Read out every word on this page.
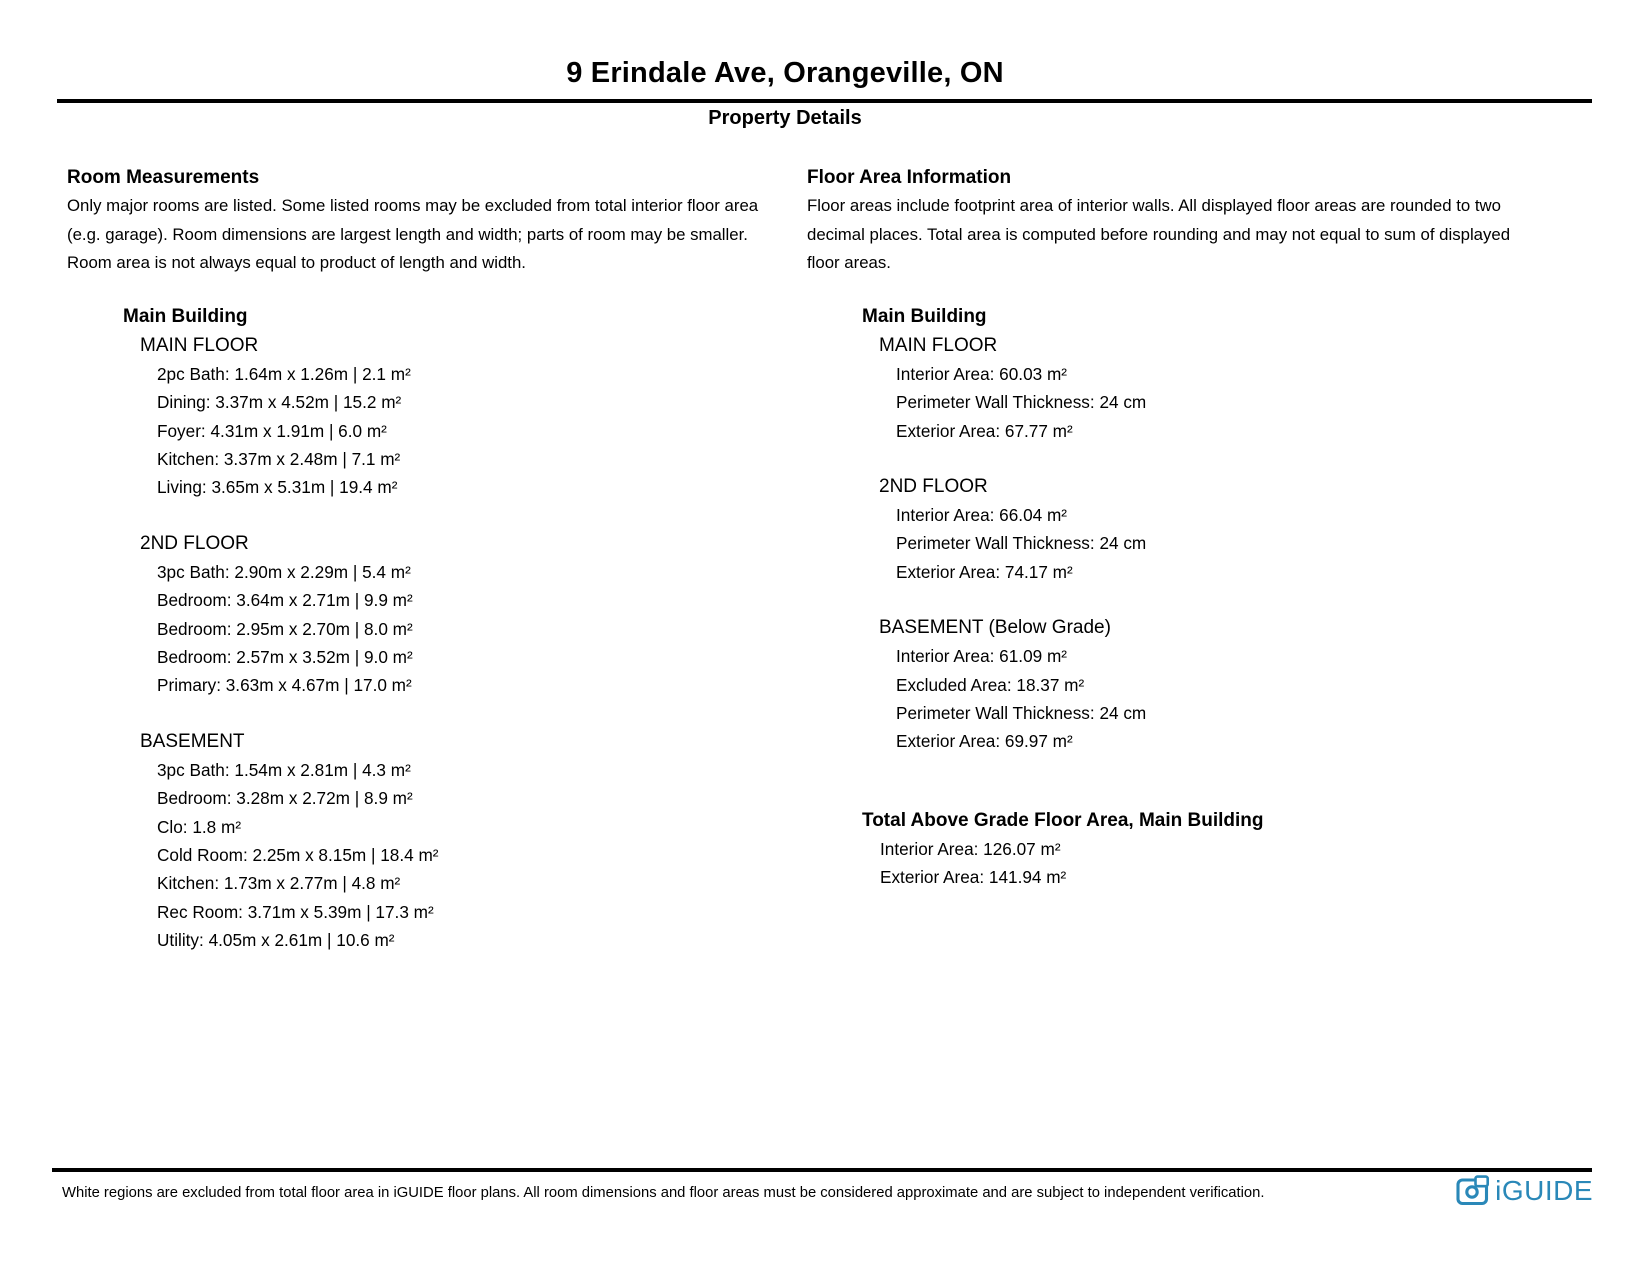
9 Erindale Ave, Orangeville, ON
Property Details
Room Measurements

Only major rooms are listed. Some listed rooms may be excluded from total interior floor area (e.g. garage). Room dimensions are largest length and width; parts of room may be smaller. Room area is not always equal to product of length and width.

Main Building
MAIN FLOOR
2pc Bath: 1.64m x 1.26m | 2.1 m²
Dining: 3.37m x 4.52m | 15.2 m²
Foyer: 4.31m x 1.91m | 6.0 m²
Kitchen: 3.37m x 2.48m | 7.1 m²
Living: 3.65m x 5.31m | 19.4 m²
2ND FLOOR
3pc Bath: 2.90m x 2.29m | 5.4 m²
Bedroom: 3.64m x 2.71m | 9.9 m²
Bedroom: 2.95m x 2.70m | 8.0 m²
Bedroom: 2.57m x 3.52m | 9.0 m²
Primary: 3.63m x 4.67m | 17.0 m²
BASEMENT
3pc Bath: 1.54m x 2.81m | 4.3 m²
Bedroom: 3.28m x 2.72m | 8.9 m²
Clo: 1.8 m²
Cold Room: 2.25m x 8.15m | 18.4 m²
Kitchen: 1.73m x 2.77m | 4.8 m²
Rec Room: 3.71m x 5.39m | 17.3 m²
Utility: 4.05m x 2.61m | 10.6 m²
Floor Area Information

Floor areas include footprint area of interior walls. All displayed floor areas are rounded to two decimal places. Total area is computed before rounding and may not equal to sum of displayed floor areas.

Main Building
MAIN FLOOR
Interior Area: 60.03 m²
Perimeter Wall Thickness: 24 cm
Exterior Area: 67.77 m²
2ND FLOOR
Interior Area: 66.04 m²
Perimeter Wall Thickness: 24 cm
Exterior Area: 74.17 m²
BASEMENT (Below Grade)
Interior Area: 61.09 m²
Excluded Area: 18.37 m²
Perimeter Wall Thickness: 24 cm
Exterior Area: 69.97 m²
Total Above Grade Floor Area, Main Building
Interior Area: 126.07 m²
Exterior Area: 141.94 m²

White regions are excluded from total floor area in iGUIDE floor plans. All room dimensions and floor areas must be considered approximate and are subject to independent verification.	iGUIDE
